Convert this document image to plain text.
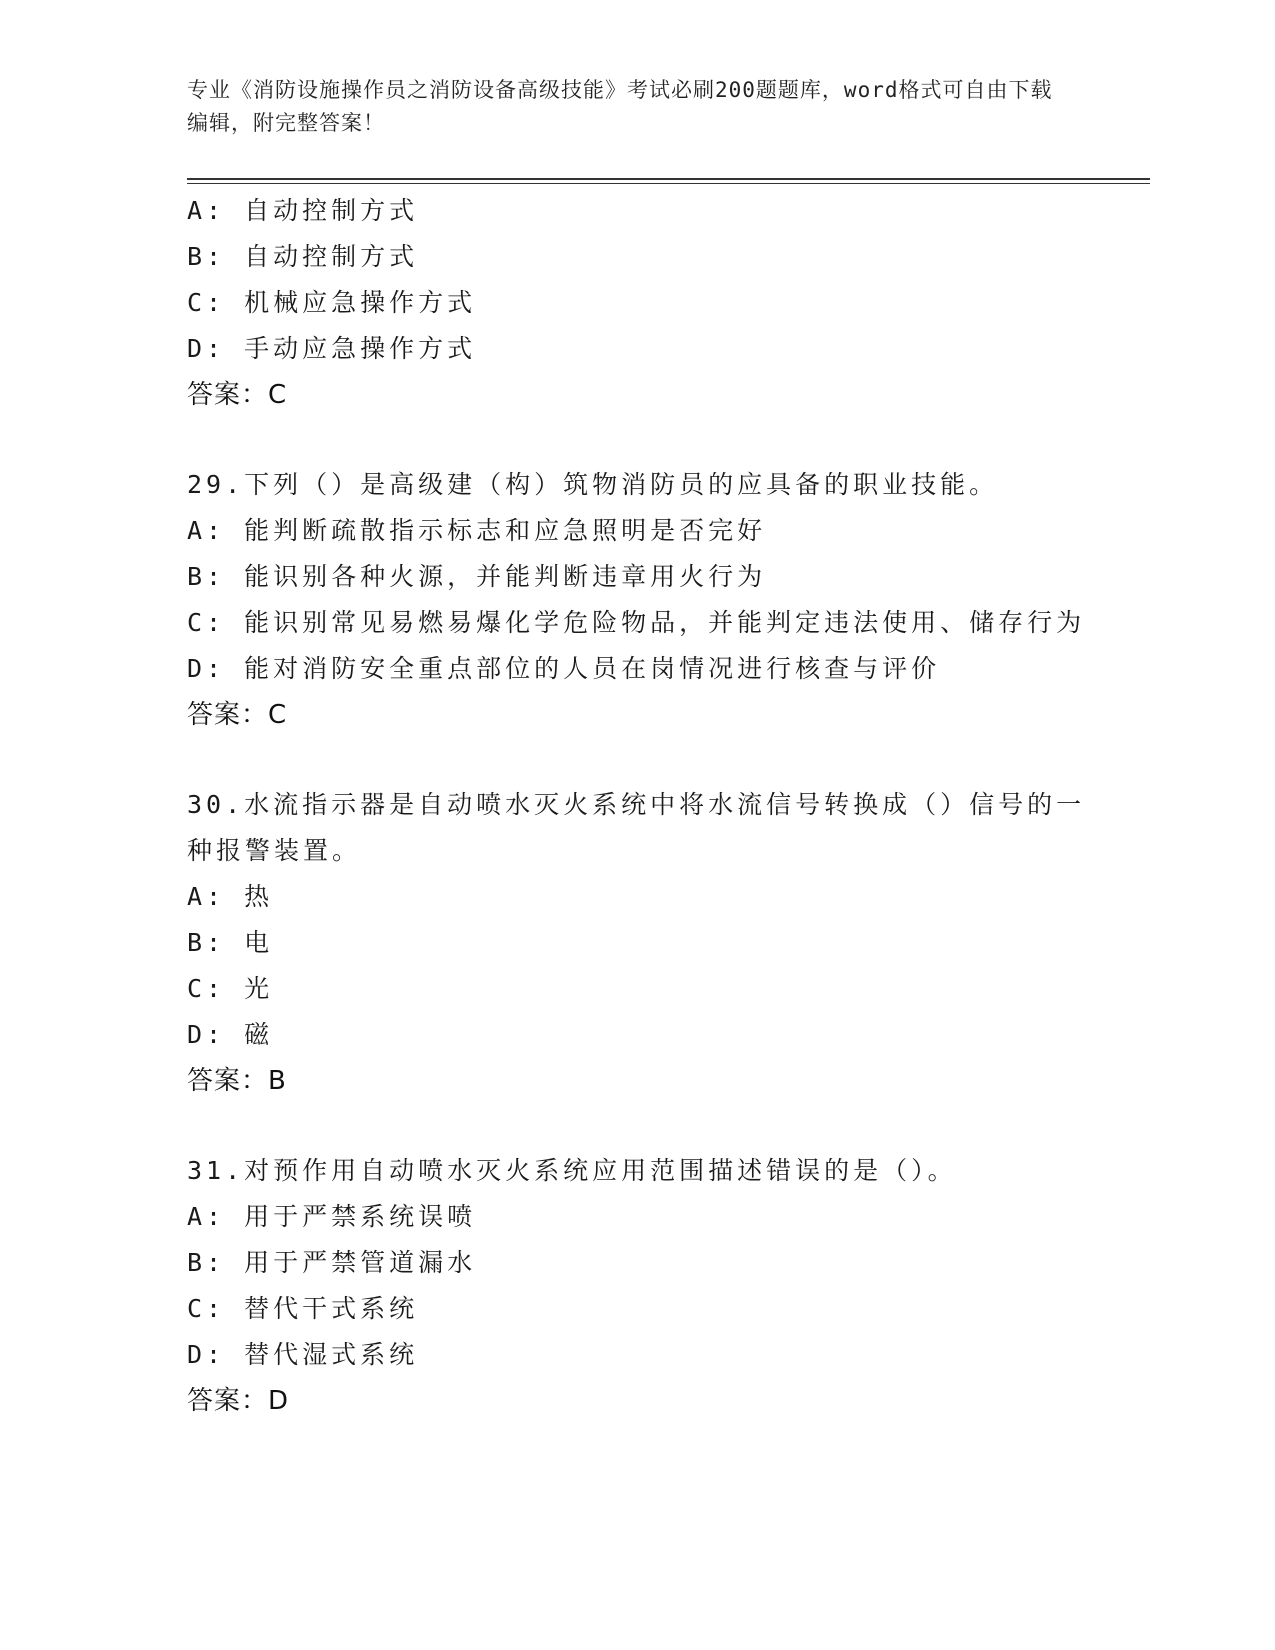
专业《消防设施操作员之消防设备高级技能》考试必刷200题题库，word格式可自由下载编辑，附完整答案！
A: 自动控制方式
B: 自动控制方式
C: 机械应急操作方式
D: 手动应急操作方式
答案：C
29.下列（）是高级建（构）筑物消防员的应具备的职业技能。
A: 能判断疏散指示标志和应急照明是否完好
B: 能识别各种火源，并能判断违章用火行为
C: 能识别常见易燃易爆化学危险物品，并能判定违法使用、储存行为
D: 能对消防安全重点部位的人员在岗情况进行核查与评价
答案：C
30.水流指示器是自动喷水灭火系统中将水流信号转换成（）信号的一种报警装置。
A: 热
B: 电
C: 光
D: 磁
答案：B
31.对预作用自动喷水灭火系统应用范围描述错误的是（）。
A: 用于严禁系统误喷
B: 用于严禁管道漏水
C: 替代干式系统
D: 替代湿式系统
答案：D
